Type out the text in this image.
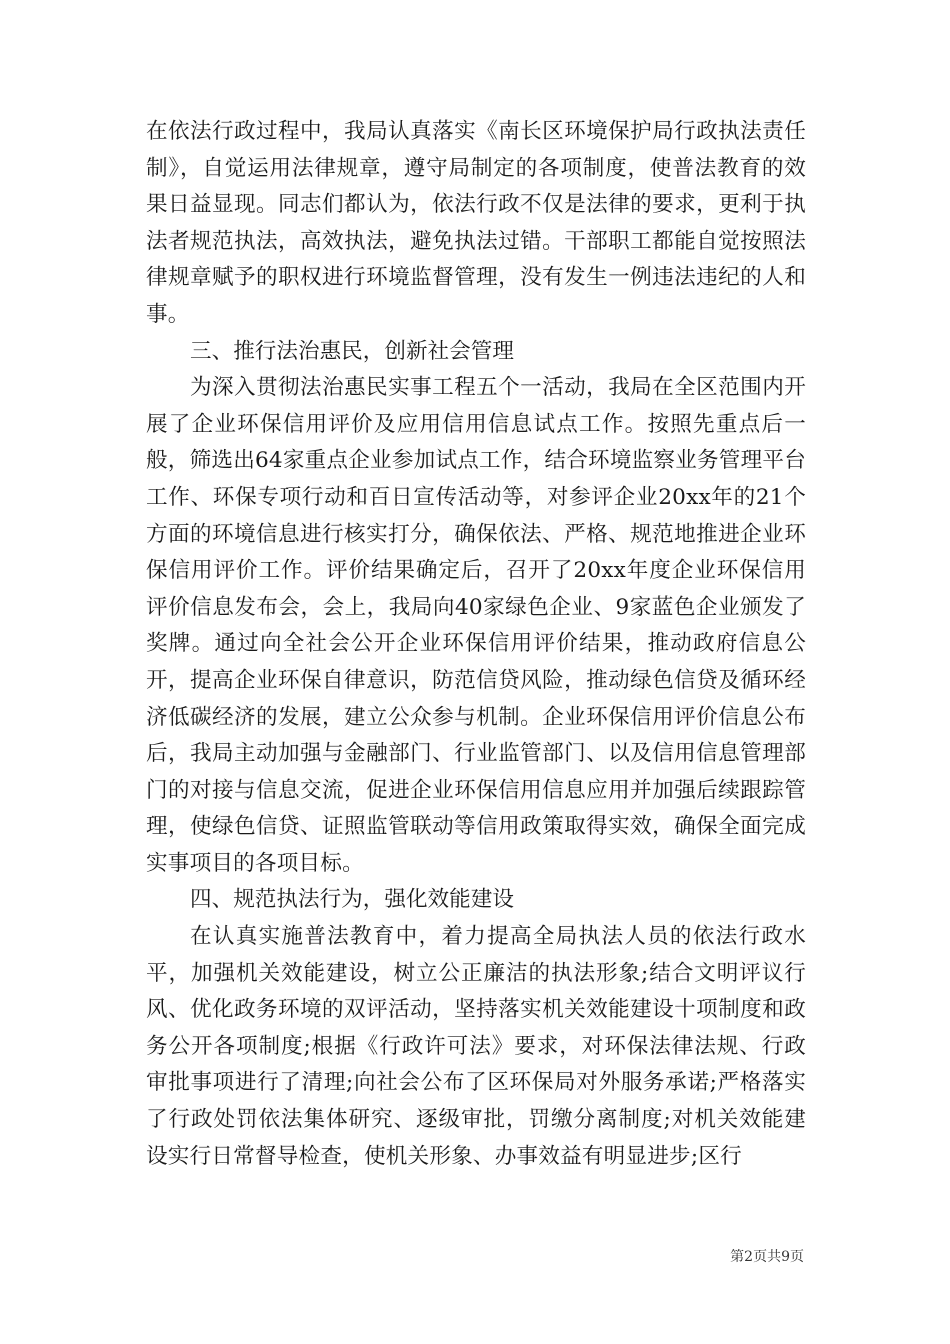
在依法行政过程中，我局认真落实《南长区环境保护局行政执法责任制》，自觉运用法律规章，遵守局制定的各项制度，使普法教育的效果日益显现。同志们都认为，依法行政不仅是法律的要求，更利于执法者规范执法，高效执法，避免执法过错。干部职工都能自觉按照法律规章赋予的职权进行环境监督管理，没有发生一例违法违纪的人和事。

三、推行法治惠民，创新社会管理

为深入贯彻法治惠民实事工程五个一活动，我局在全区范围内开展了企业环保信用评价及应用信用信息试点工作。按照先重点后一般，筛选出64家重点企业参加试点工作，结合环境监察业务管理平台工作、环保专项行动和百日宣传活动等，对参评企业20xx年的21个方面的环境信息进行核实打分，确保依法、严格、规范地推进企业环保信用评价工作。评价结果确定后，召开了20xx年度企业环保信用评价信息发布会，会上，我局向40家绿色企业、9家蓝色企业颁发了奖牌。通过向全社会公开企业环保信用评价结果，推动政府信息公开，提高企业环保自律意识，防范信贷风险，推动绿色信贷及循环经济低碳经济的发展，建立公众参与机制。企业环保信用评价信息公布后，我局主动加强与金融部门、行业监管部门、以及信用信息管理部门的对接与信息交流，促进企业环保信用信息应用并加强后续跟踪管理，使绿色信贷、证照监管联动等信用政策取得实效，确保全面完成实事项目的各项目标。

四、规范执法行为，强化效能建设

在认真实施普法教育中，着力提高全局执法人员的依法行政水平，加强机关效能建设，树立公正廉洁的执法形象;结合文明评议行风、优化政务环境的双评活动，坚持落实机关效能建设十项制度和政务公开各项制度;根据《行政许可法》要求，对环保法律法规、行政审批事项进行了清理;向社会公布了区环保局对外服务承诺;严格落实了行政处罚依法集体研究、逐级审批，罚缴分离制度;对机关效能建设实行日常督导检查，使机关形象、办事效益有明显进步;区行

第2页共9页
